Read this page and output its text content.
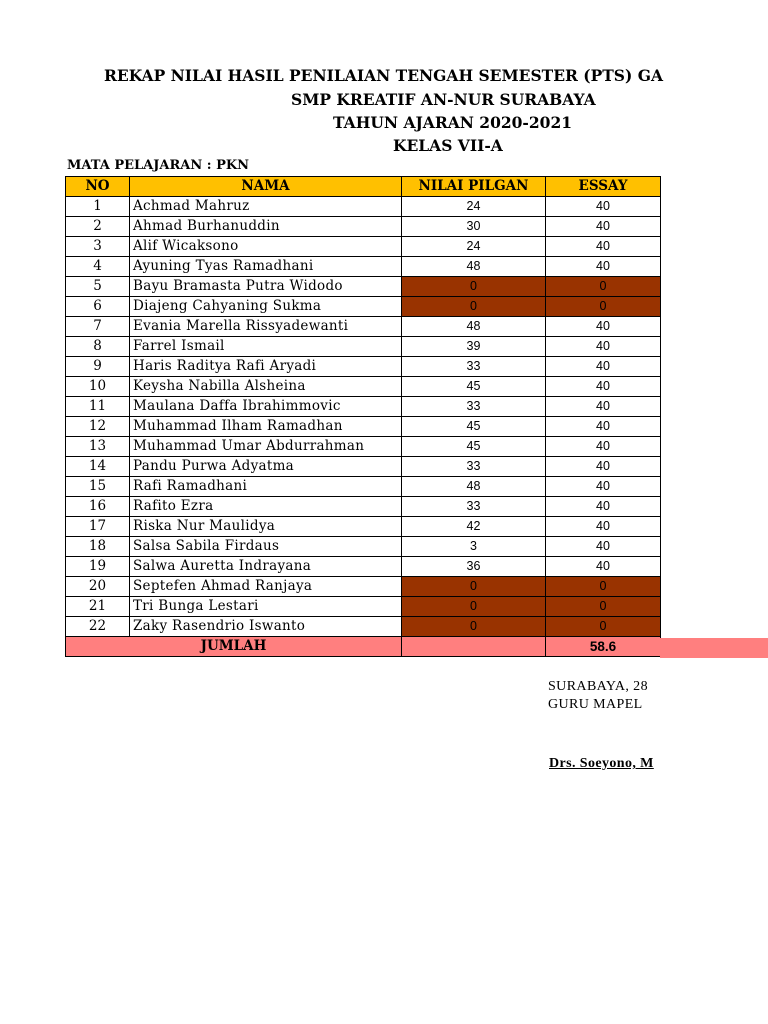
REKAP NILAI HASIL PENILAIAN TENGAH SEMESTER (PTS) GA
SMP KREATIF AN-NUR SURABAYA
TAHUN AJARAN 2020-2021
KELAS VII-A
MATA PELAJARAN : PKN
NO	NAMA	NILAI PILGAN	ESSAY
1	Achmad Mahruz	24	40
2	Ahmad Burhanuddin	30	40
3	Alif Wicaksono	24	40
4	Ayuning Tyas Ramadhani	48	40
5	Bayu Bramasta Putra Widodo	0	0
6	Diajeng Cahyaning Sukma	0	0
7	Evania Marella Rissyadewanti	48	40
8	Farrel Ismail	39	40
9	Haris Raditya Rafi Aryadi	33	40
10	Keysha Nabilla Alsheina	45	40
11	Maulana Daffa Ibrahimmovic	33	40
12	Muhammad Ilham Ramadhan	45	40
13	Muhammad Umar Abdurrahman	45	40
14	Pandu Purwa Adyatma	33	40
15	Rafi Ramadhani	48	40
16	Rafito Ezra	33	40
17	Riska Nur Maulidya	42	40
18	Salsa Sabila Firdaus	3	40
19	Salwa Auretta Indrayana	36	40
20	Septefen Ahmad Ranjaya	0	0
21	Tri Bunga Lestari	0	0
22	Zaky Rasendrio Iswanto	0	0
JUMLAH			58.6
SURABAYA, 28
GURU MAPEL
Drs. Soeyono, M
